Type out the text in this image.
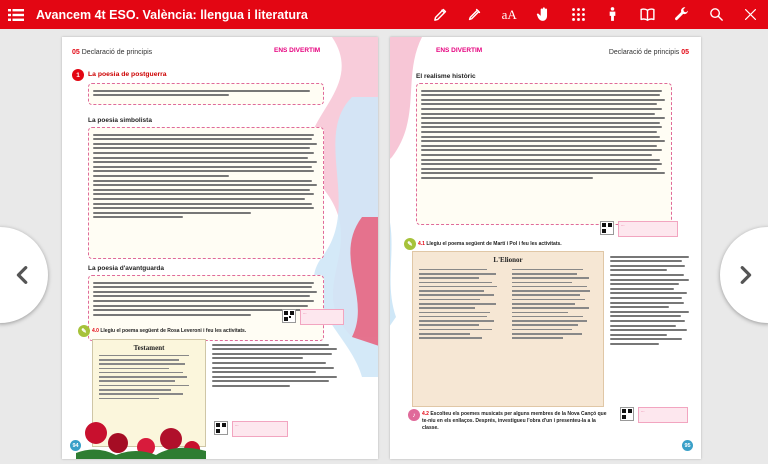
Avancem 4t ESO. València: llengua i literatura	aA
05 Declaració de principis	ENS DIVERTIM
1	La poesia de postguerra
La poesia simbolista
La poesia d'avantguarda
···
✎	4.0 Llegiu el poema següent de Rosa Leveroni i feu les activitats.
Testament
···
94
ENS DIVERTIM	Declaració de principis 05
El realisme històric
···
✎	4.1 Llegiu el poema següent de Martí i Pol i feu les activitats.
L'Elionor
♪	4.2 Escolteu els poemes musicats per alguns membres de la Nova Cançó que te-niu en els enllaços. Després, investigueu l'obra d'un i presenteu-la a la classe.
···
95
